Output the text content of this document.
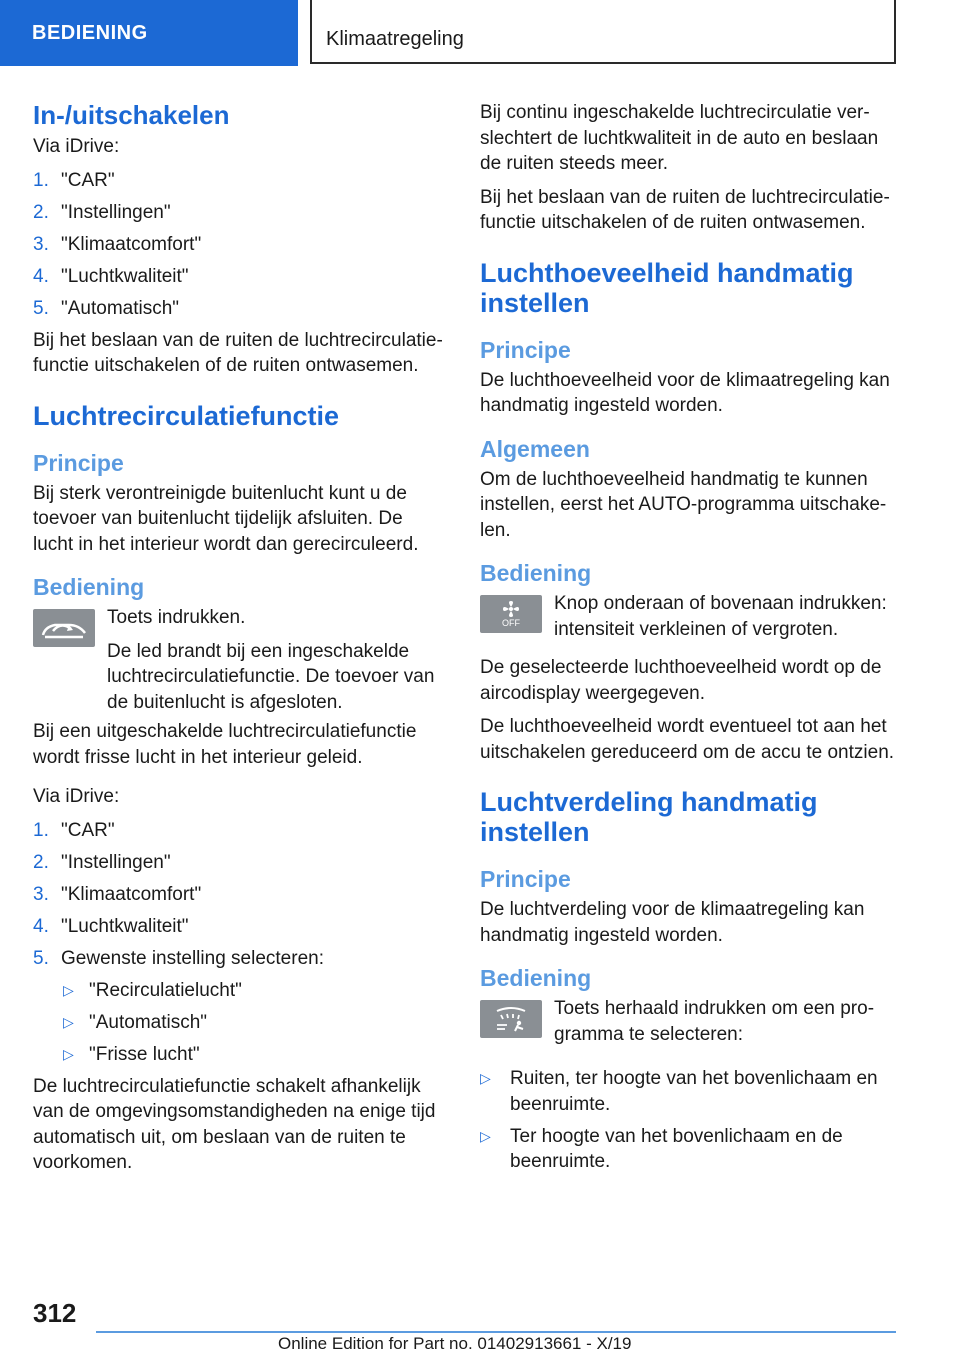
BEDIENING	Klimaatregeling
In-/uitschakelen

Via iDrive:

1. "CAR"
2. "Instellingen"
3. "Klimaatcomfort"
4. "Luchtkwaliteit"
5. "Automatisch"

Bij het beslaan van de ruiten de luchtrecirculatiefunctie uitschakelen of de ruiten ontwasemen.

Luchtrecirculatiefunctie
Principe

Bij sterk verontreinigde buitenlucht kunt u de toevoer van buitenlucht tijdelijk afsluiten. De lucht in het interieur wordt dan gerecirculeerd.

Bediening

Toets indrukken.

De led brandt bij een ingeschakelde luchtrecirculatiefunctie. De toevoer van de buitenlucht is afgesloten.

Bij een uitgeschakelde luchtrecirculatiefunctie wordt frisse lucht in het interieur geleid.

Via iDrive:

1. "CAR"
2. "Instellingen"
3. "Klimaatcomfort"
4. "Luchtkwaliteit"
5. Gewenste instelling selecteren:
▷ "Recirculatielucht"
▷ "Automatisch"
▷ "Frisse lucht"

De luchtrecirculatiefunctie schakelt afhankelijk van de omgevingsomstandigheden na enige tijd automatisch uit, om beslaan van de ruiten te voorkomen.

Bij continu ingeschakelde luchtrecirculatie verslechtert de luchtkwaliteit in de auto en beslaan de ruiten steeds meer.

Bij het beslaan van de ruiten de luchtrecirculatiefunctie uitschakelen of de ruiten ontwasemen.

Luchthoeveelheid handmatig instellen
Principe

De luchthoeveelheid voor de klimaatregeling kan handmatig ingesteld worden.

Algemeen

Om de luchthoeveelheid handmatig te kunnen instellen, eerst het AUTO-programma uitschakelen.

Bediening
OFF

Knop onderaan of bovenaan indrukken: intensiteit verkleinen of vergroten.

De geselecteerde luchthoeveelheid wordt op de aircodisplay weergegeven.

De luchthoeveelheid wordt eventueel tot aan het uitschakelen gereduceerd om de accu te ontzien.

Luchtverdeling handmatig instellen
Principe

De luchtverdeling voor de klimaatregeling kan handmatig ingesteld worden.

Bediening

Toets herhaald indrukken om een programma te selecteren:

▷ Ruiten, ter hoogte van het bovenlichaam en beenruimte.
▷ Ter hoogte van het bovenlichaam en de beenruimte.
312
Online Edition for Part no. 01402913661 - X/19
